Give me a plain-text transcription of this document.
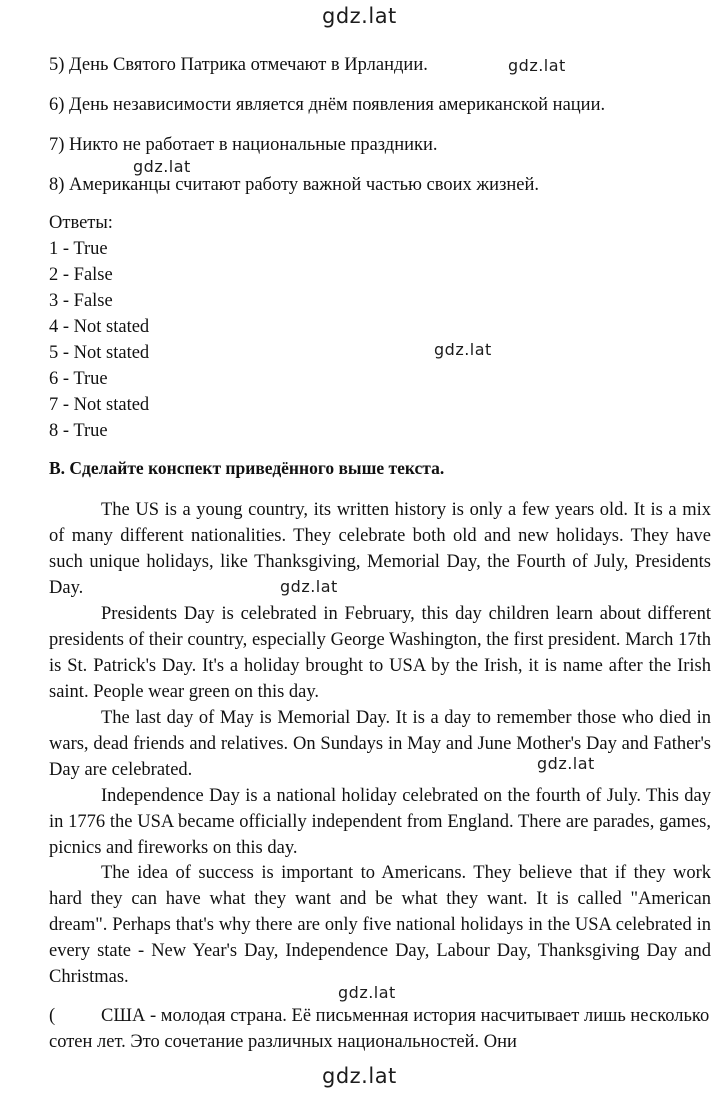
gdz.lat
5) День Святого Патрика отмечают в Ирландии.	gdz.lat
6) День независимости является днём появления американской нации.
7) Никто не работает в национальные праздники.
gdz.lat
8) Американцы считают работу важной частью своих жизней.
Ответы:
1 - True
2 - False
3 - False
4 - Not stated
5 - Not stated	gdz.lat
6 - True
7 - Not stated
8 - True
B. Сделайте конспект приведённого выше текста.

The US is a young country, its written history is only a few years old. It is a mix of many different nationalities. They celebrate both old and new holidays. They have such unique holidays, like Thanksgiving, Memorial Day, the Fourth of July, Presidents Day.	gdz.lat

Presidents Day is celebrated in February, this day children learn about different presidents of their country, especially George Washington, the first president. March 17th is St. Patrick's Day. It's a holiday brought to USA by the Irish, it is name after the Irish saint. People wear green on this day.

The last day of May is Memorial Day. It is a day to remember those who died in wars, dead friends and relatives. On Sundays in May and June Mother's Day and Father's Day are celebrated.	gdz.lat

Independence Day is a national holiday celebrated on the fourth of July. This day in 1776 the USA became officially independent from England. There are parades, games, picnics and fireworks on this day.

The idea of success is important to Americans. They believe that if they work hard they can have what they want and be what they want. It is called "American dream". Perhaps that's why there are only five national holidays in the USA celebrated in every state - New Year's Day, Independence Day, Labour Day, Thanksgiving Day and Christmas.

gdz.lat

( США - молодая страна. Её письменная история насчитывает лишь несколько сотен лет. Это сочетание различных национальностей. Они

gdz.lat
